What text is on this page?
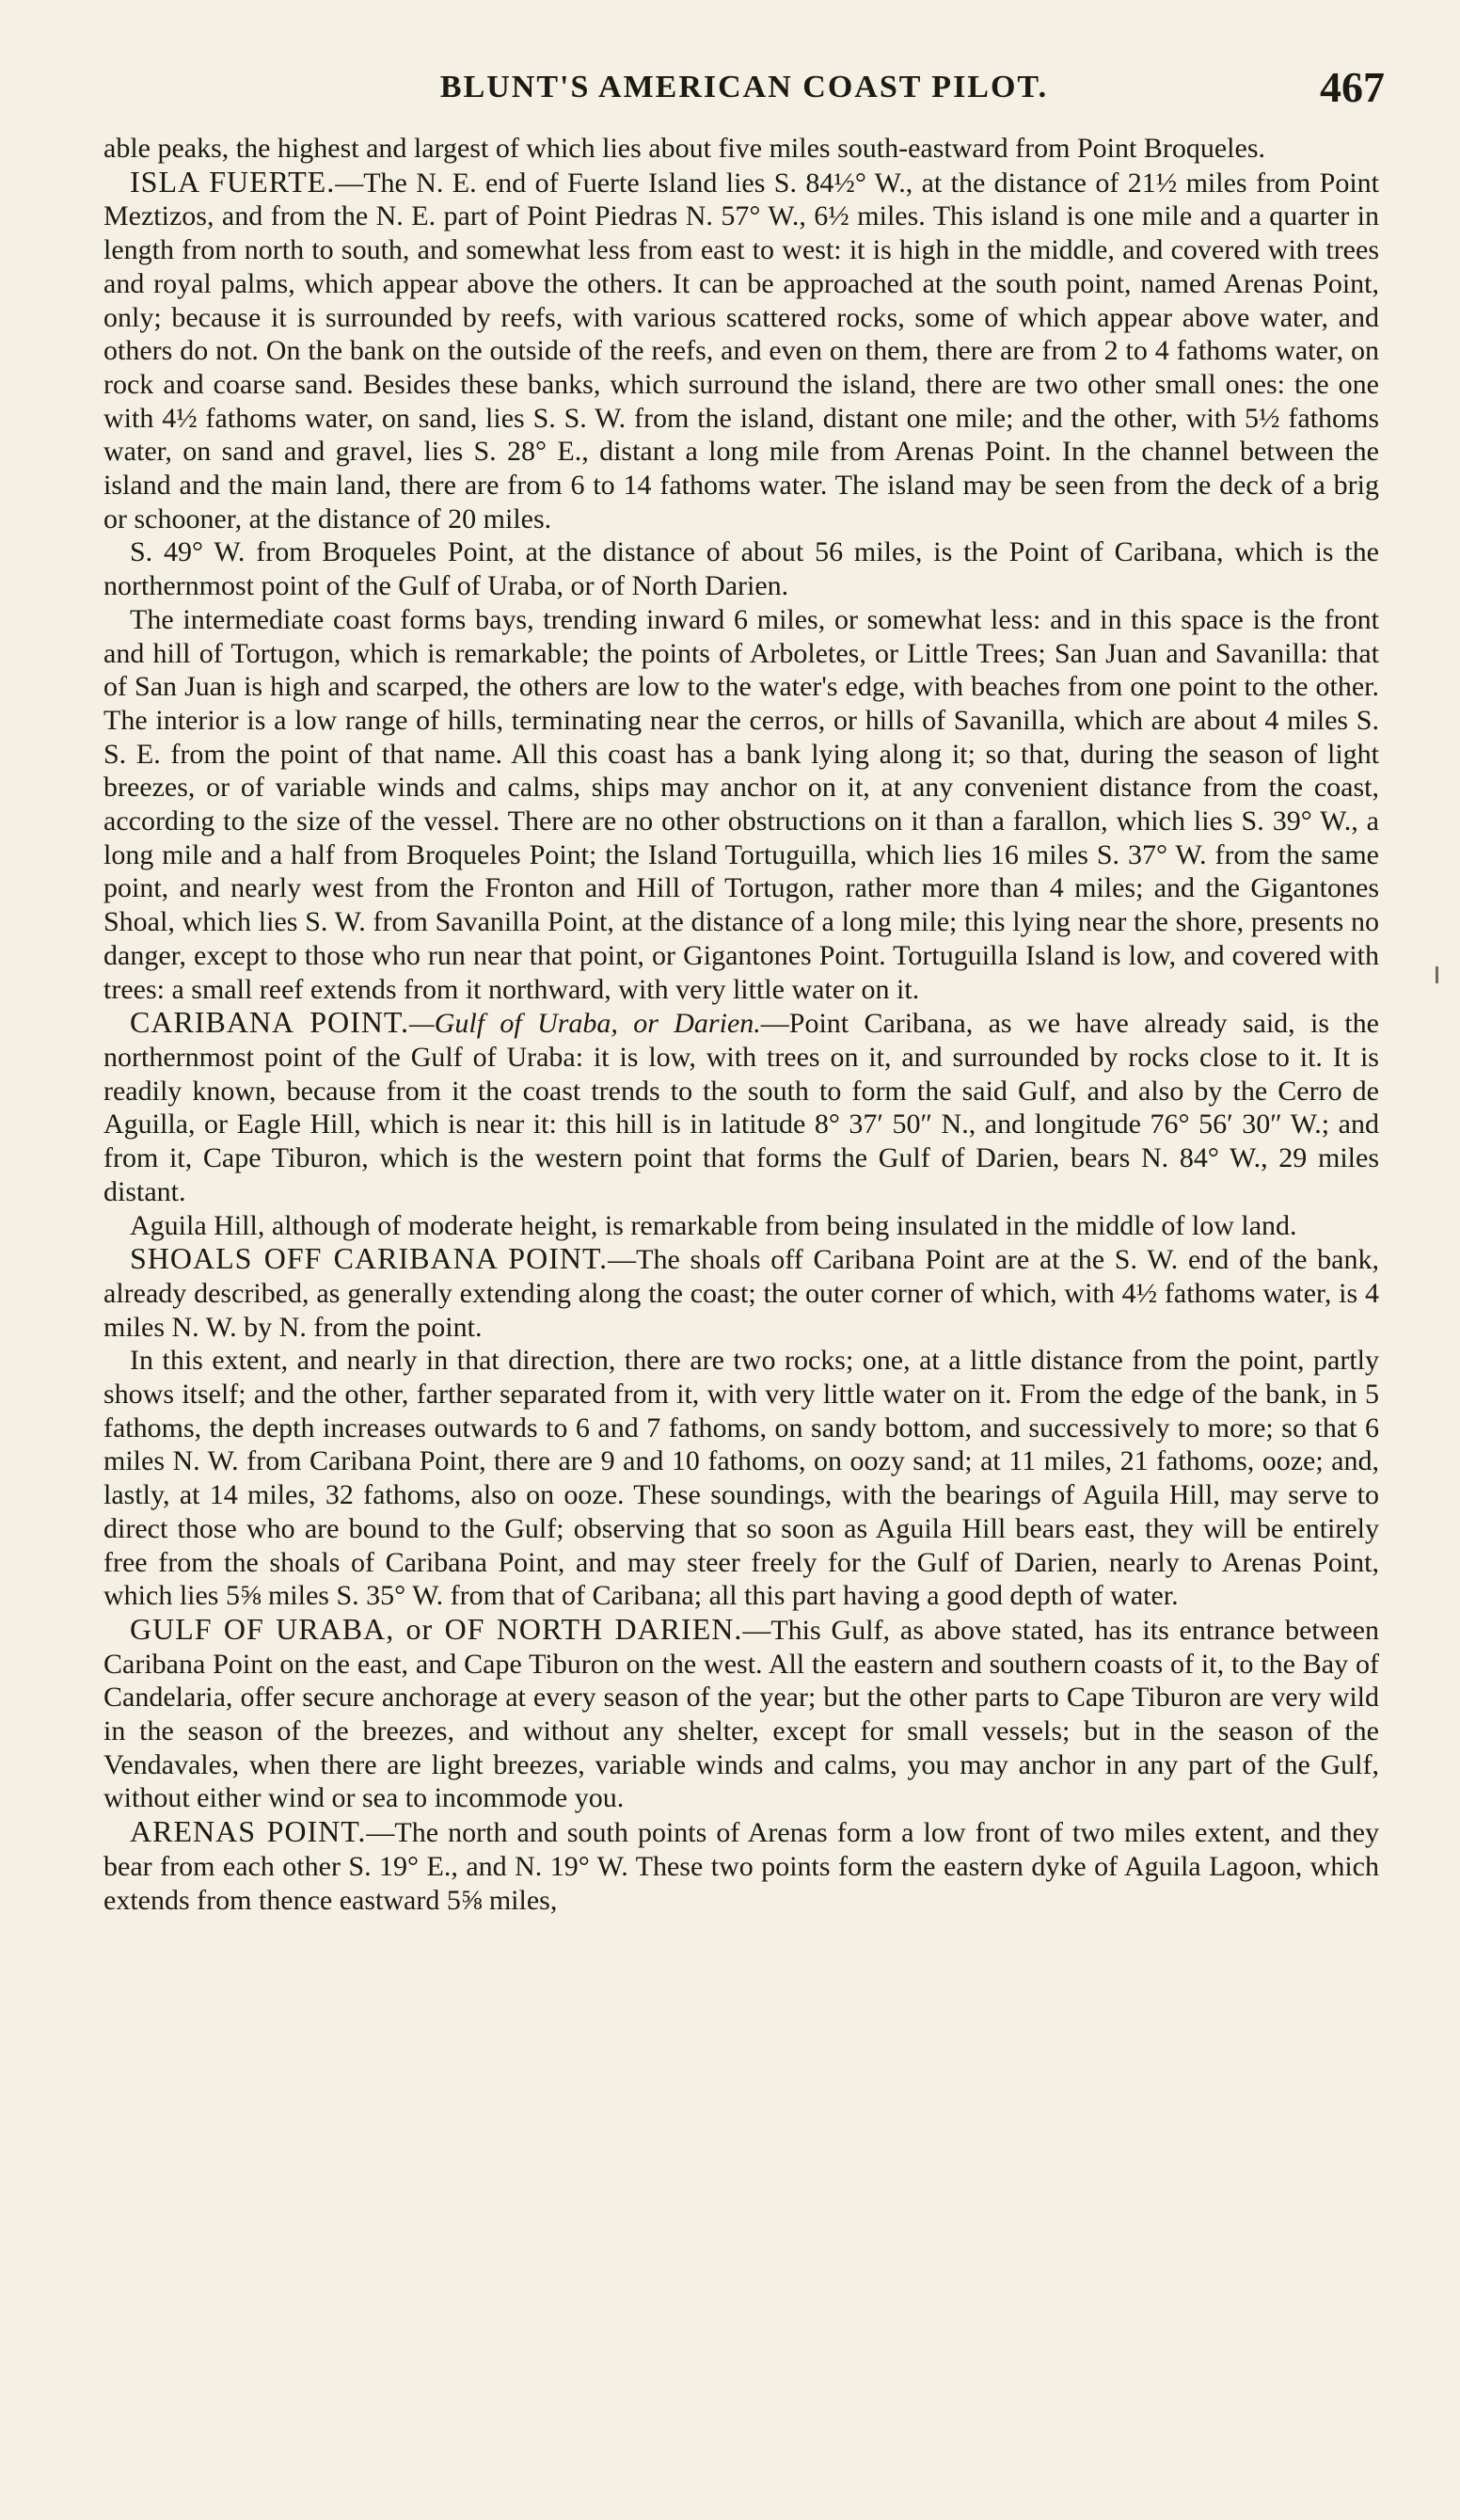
BLUNT'S AMERICAN COAST PILOT.	467

able peaks, the highest and largest of which lies about five miles south-eastward from Point Broqueles.

ISLA FUERTE.—The N. E. end of Fuerte Island lies S. 84½° W., at the distance of 21½ miles from Point Meztizos, and from the N. E. part of Point Piedras N. 57° W., 6½ miles. This island is one mile and a quarter in length from north to south, and somewhat less from east to west: it is high in the middle, and covered with trees and royal palms, which appear above the others. It can be approached at the south point, named Arenas Point, only; because it is surrounded by reefs, with various scattered rocks, some of which appear above water, and others do not. On the bank on the outside of the reefs, and even on them, there are from 2 to 4 fathoms water, on rock and coarse sand. Besides these banks, which surround the island, there are two other small ones: the one with 4½ fathoms water, on sand, lies S. S. W. from the island, distant one mile; and the other, with 5½ fathoms water, on sand and gravel, lies S. 28° E., distant a long mile from Arenas Point. In the channel between the island and the main land, there are from 6 to 14 fathoms water. The island may be seen from the deck of a brig or schooner, at the distance of 20 miles.

S. 49° W. from Broqueles Point, at the distance of about 56 miles, is the Point of Caribana, which is the northernmost point of the Gulf of Uraba, or of North Darien.

The intermediate coast forms bays, trending inward 6 miles, or somewhat less: and in this space is the front and hill of Tortugon, which is remarkable; the points of Arboletes, or Little Trees; San Juan and Savanilla: that of San Juan is high and scarped, the others are low to the water's edge, with beaches from one point to the other. The interior is a low range of hills, terminating near the cerros, or hills of Savanilla, which are about 4 miles S. S. E. from the point of that name. All this coast has a bank lying along it; so that, during the season of light breezes, or of variable winds and calms, ships may anchor on it, at any convenient distance from the coast, according to the size of the vessel. There are no other obstructions on it than a farallon, which lies S. 39° W., a long mile and a half from Broqueles Point; the Island Tortuguilla, which lies 16 miles S. 37° W. from the same point, and nearly west from the Fronton and Hill of Tortugon, rather more than 4 miles; and the Gigantones Shoal, which lies S. W. from Savanilla Point, at the distance of a long mile; this lying near the shore, presents no danger, except to those who run near that point, or Gigantones Point. Tortuguilla Island is low, and covered with trees: a small reef extends from it northward, with very little water on it.

CARIBANA POINT.—Gulf of Uraba, or Darien.—Point Caribana, as we have already said, is the northernmost point of the Gulf of Uraba: it is low, with trees on it, and surrounded by rocks close to it. It is readily known, because from it the coast trends to the south to form the said Gulf, and also by the Cerro de Aguilla, or Eagle Hill, which is near it: this hill is in latitude 8° 37′ 50″ N., and longitude 76° 56′ 30″ W.; and from it, Cape Tiburon, which is the western point that forms the Gulf of Darien, bears N. 84° W., 29 miles distant.

Aguila Hill, although of moderate height, is remarkable from being insulated in the middle of low land.

SHOALS OFF CARIBANA POINT.—The shoals off Caribana Point are at the S. W. end of the bank, already described, as generally extending along the coast; the outer corner of which, with 4½ fathoms water, is 4 miles N. W. by N. from the point.

In this extent, and nearly in that direction, there are two rocks; one, at a little distance from the point, partly shows itself; and the other, farther separated from it, with very little water on it. From the edge of the bank, in 5 fathoms, the depth increases outwards to 6 and 7 fathoms, on sandy bottom, and successively to more; so that 6 miles N. W. from Caribana Point, there are 9 and 10 fathoms, on oozy sand; at 11 miles, 21 fathoms, ooze; and, lastly, at 14 miles, 32 fathoms, also on ooze. These soundings, with the bearings of Aguila Hill, may serve to direct those who are bound to the Gulf; observing that so soon as Aguila Hill bears east, they will be entirely free from the shoals of Caribana Point, and may steer freely for the Gulf of Darien, nearly to Arenas Point, which lies 5⅝ miles S. 35° W. from that of Caribana; all this part having a good depth of water.

GULF OF URABA, or OF NORTH DARIEN.—This Gulf, as above stated, has its entrance between Caribana Point on the east, and Cape Tiburon on the west. All the eastern and southern coasts of it, to the Bay of Candelaria, offer secure anchorage at every season of the year; but the other parts to Cape Tiburon are very wild in the season of the breezes, and without any shelter, except for small vessels; but in the season of the Vendavales, when there are light breezes, variable winds and calms, you may anchor in any part of the Gulf, without either wind or sea to incommode you.

ARENAS POINT.—The north and south points of Arenas form a low front of two miles extent, and they bear from each other S. 19° E., and N. 19° W. These two points form the eastern dyke of Aguila Lagoon, which extends from thence eastward 5⅝ miles,
